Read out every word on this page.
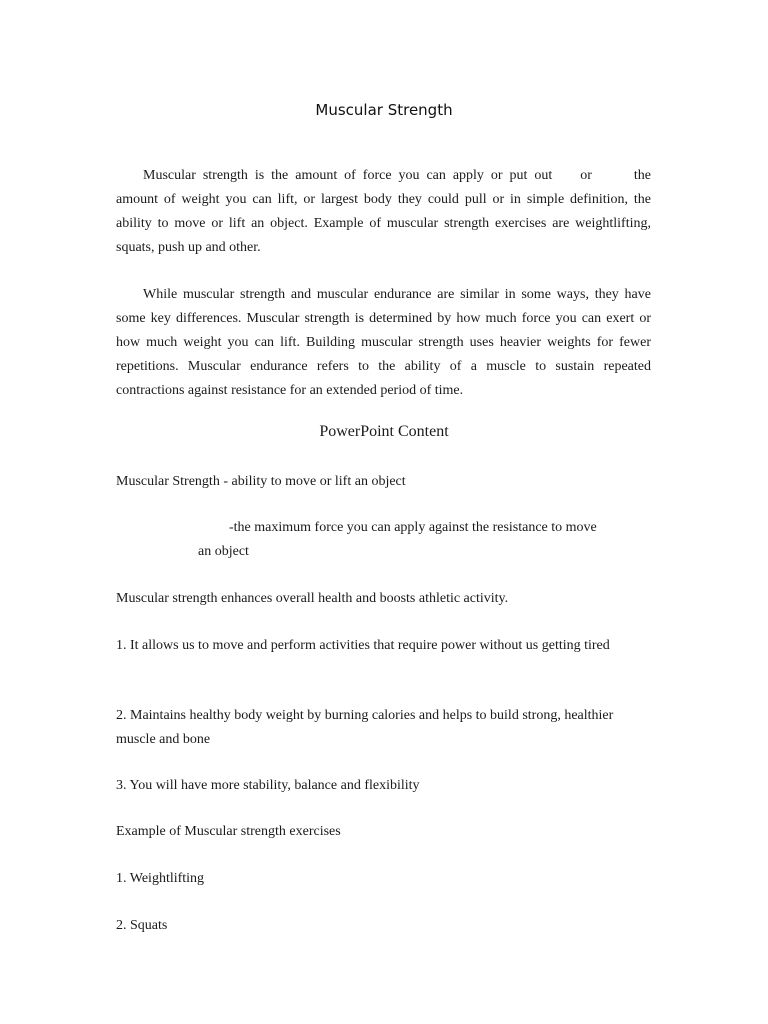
Muscular Strength

Muscular strength is the amount of force you can apply or put out  or   the amount of weight you can lift, or largest body they could pull or in simple definition, the ability to move or lift an object. Example of muscular strength exercises are weightlifting, squats, push up and other.

While muscular strength and muscular endurance are similar in some ways, they have some key differences. Muscular strength is determined by how much force you can exert or how much weight you can lift. Building muscular strength uses heavier weights for fewer repetitions. Muscular endurance refers to the ability of a muscle to sustain repeated contractions against resistance for an extended period of time.

PowerPoint Content

Muscular Strength - ability to move or lift an object

-the maximum force you can apply against the resistance to move
an object

Muscular strength enhances overall health and boosts athletic activity.

1. It allows us to move and perform activities that require power without us getting tired

2. Maintains healthy body weight by burning calories and helps to build strong, healthier muscle and bone

3. You will have more stability, balance and flexibility

Example of Muscular strength exercises

1. Weightlifting

2. Squats
